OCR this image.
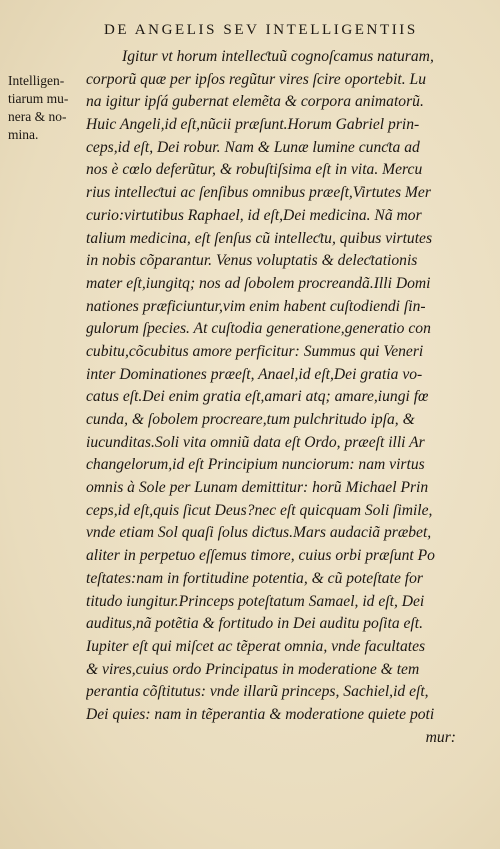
DE ANGELIS SEV INTELLIGENTIIS
Intelligen-
tiarum mu-
nera & no-
mina.
Igitur vt horum intelleƈtuũ cognoſcamus naturam,
corporũ quæ per ipſos regũtur vires ſcire oportebit. Lu
na igitur ipſá gubernat elemẽta & corpora animatorũ.
Huic Angeli,id eſt,nũcii præſunt.Horum Gabriel prin-
ceps,id eſt, Dei robur. Nam & Lunæ lumine cunƈta ad
nos è cœlo deferũtur, & robuſtiſsima eſt in vita. Mercu
rius intelleƈtui ac ſenſibus omnibus præeſt,Virtutes Mer
curio:virtutibus Raphael, id eſt,Dei medicina. Nã mor
talium medicina, eſt ſenſus cũ intelleƈtu, quibus virtutes
in nobis cõparantur. Venus voluptatis & deleƈtationis
mater eſt,iungitq; nos ad ſobolem procreandã.Illi Domi
nationes præficiuntur,vim enim habent cuſtodiendi ſin-
gulorum ſpecies. At cuſtodia generatione,generatio con
cubitu,cõcubitus amore perficitur: Summus qui Veneri
inter Dominationes præeſt, Anael,id eſt,Dei gratia vo-
catus eſt.Dei enim gratia eſt,amari atq; amare,iungi fœ
cunda, & ſobolem procreare,tum pulchritudo ipſa, &
iucunditas.Soli vita omniũ data eſt Ordo, præeſt illi Ar
changelorum,id eſt Principium nunciorum: nam virtus
omnis à Sole per Lunam demittitur: horũ Michael Prin
ceps,id eſt,quis ſicut Deus?nec eſt quicquam Soli ſimile,
vnde etiam Sol quaſi ſolus diƈtus.Mars audaciã præbet,
aliter in perpetuo eſſemus timore, cuius orbi præſunt Po
teſtates:nam in fortitudine potentia, & cũ poteſtate for
titudo iungitur.Princeps poteſtatum Samael, id eſt, Dei
auditus,nã potẽtia & fortitudo in Dei auditu poſita eſt.
Iupiter eſt qui miſcet ac tẽperat omnia, vnde facultates
& vires,cuius ordo Principatus in moderatione & tem
perantia cõſtitutus: vnde illarũ princeps, Sachiel,id eſt,
Dei quies: nam in tẽperantia & moderatione quiete poti
mur:
